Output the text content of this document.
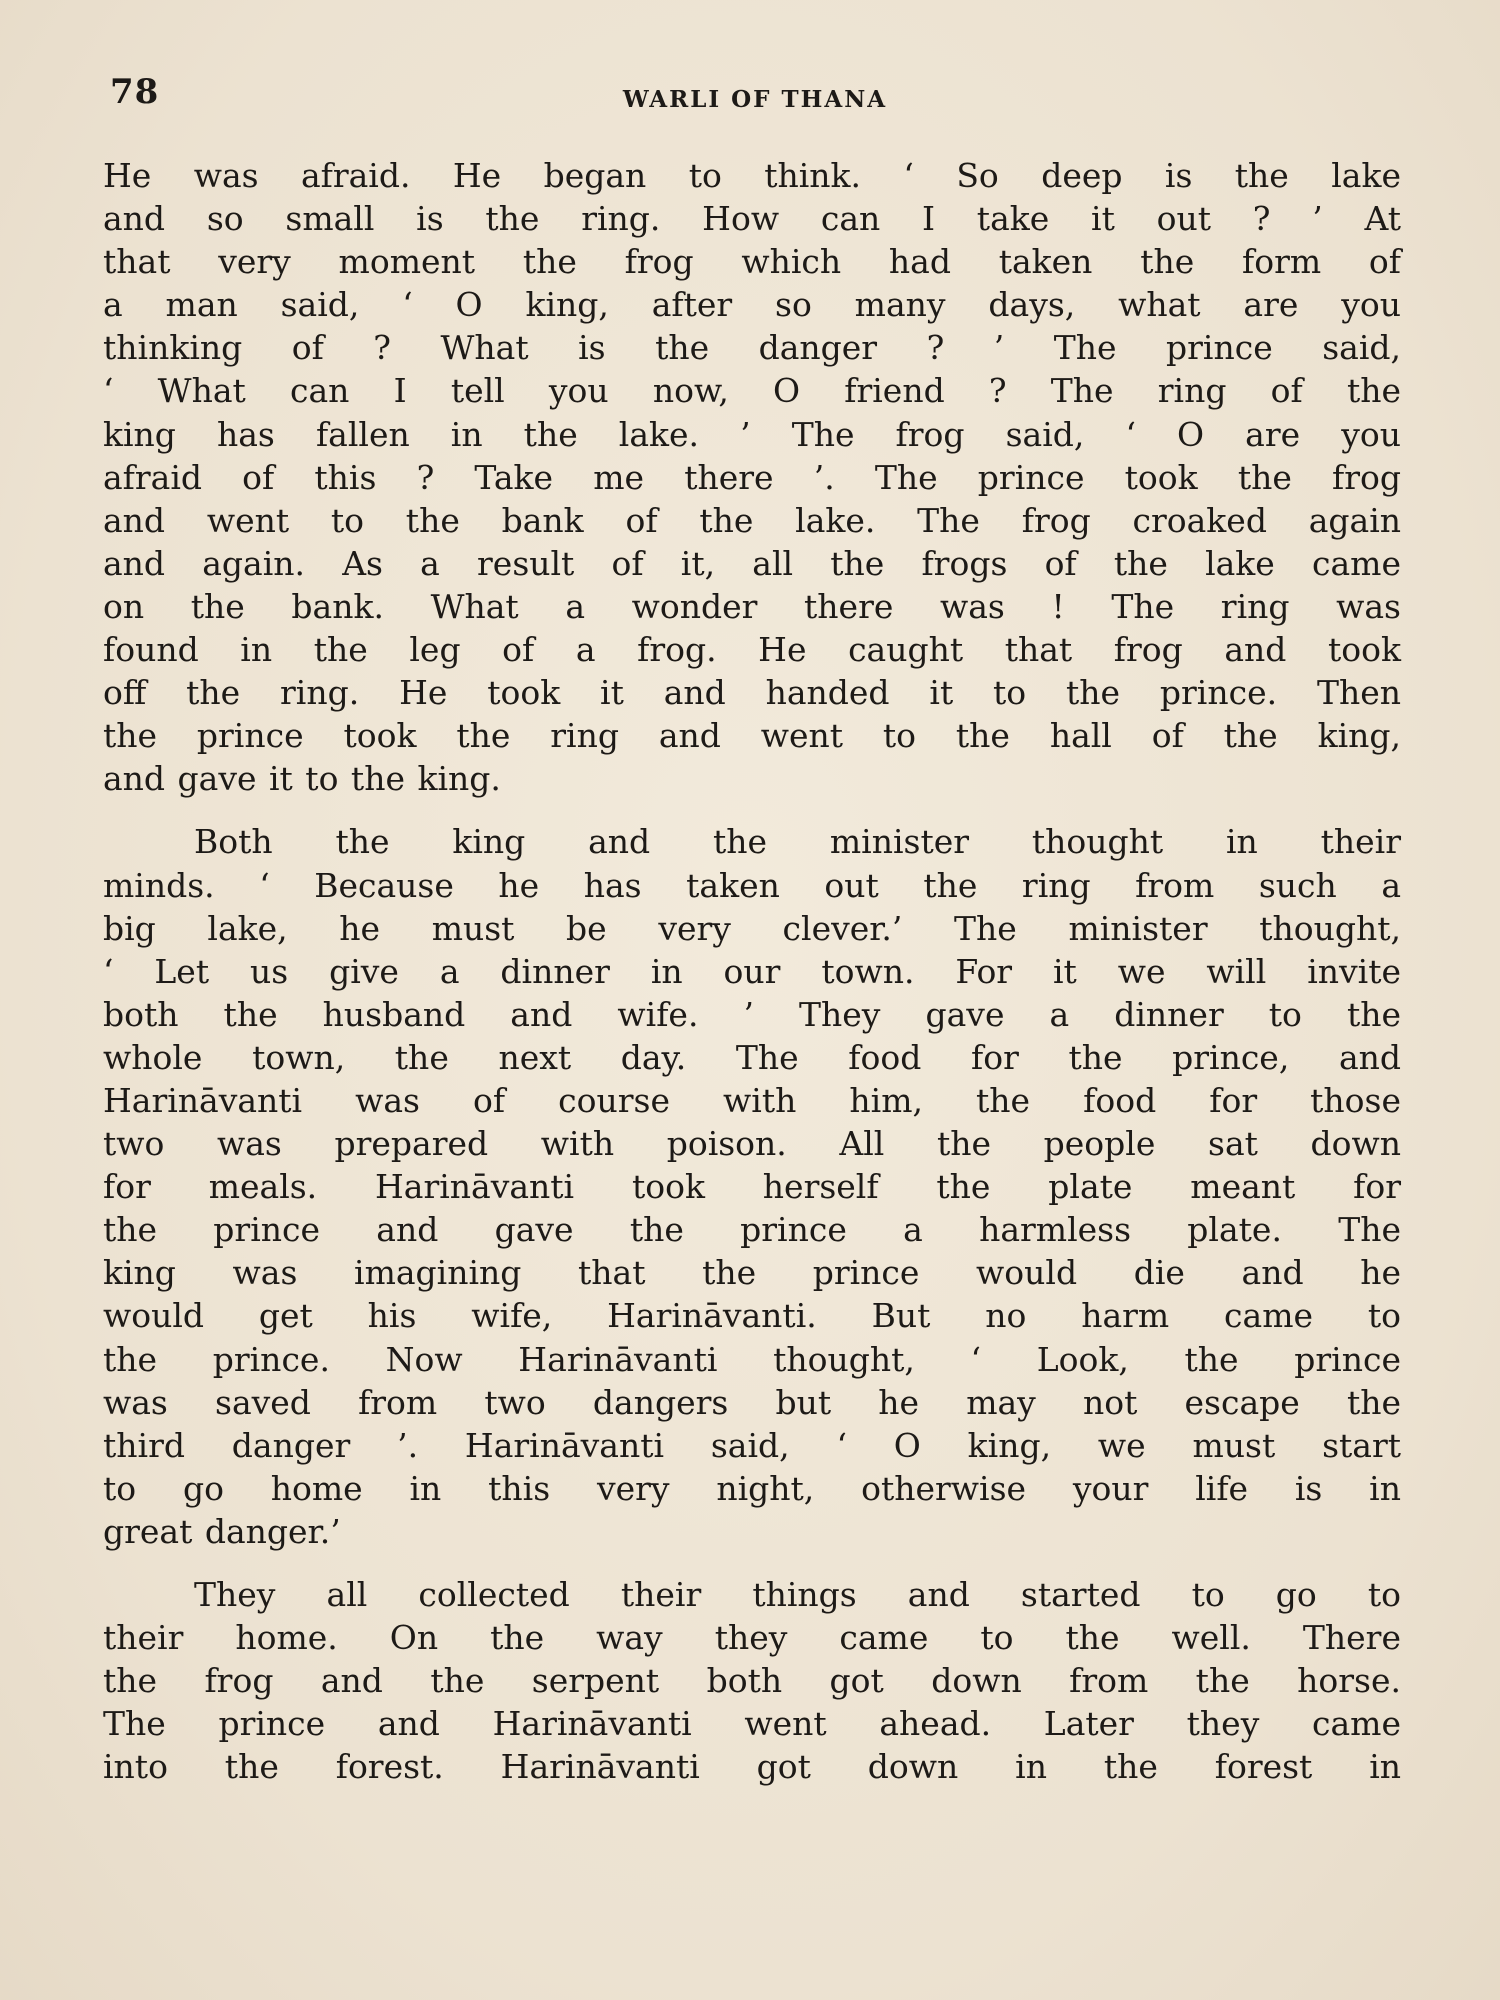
78	WARLI OF THANA

He was afraid. He began to think. ‘ So deep is the lake
and so small is the ring. How can I take it out ? ’ At
that very moment the frog which had taken the form of
a man said, ‘ O king, after so many days, what are you
thinking of ? What is the danger ? ’ The prince said,
‘ What can I tell you now, O friend ? The ring of the
king has fallen in the lake. ’ The frog said, ‘ O are you
afraid of this ? Take me there ’. The prince took the frog
and went to the bank of the lake. The frog croaked again
and again. As a result of it, all the frogs of the lake came
on the bank. What a wonder there was ! The ring was
found in the leg of a frog. He caught that frog and took
off the ring. He took it and handed it to the prince. Then
the prince took the ring and went to the hall of the king,
and gave it to the king.

Both the king and the minister thought in their
minds. ‘ Because he has taken out the ring from such a
big lake, he must be very clever.’ The minister thought,
‘ Let us give a dinner in our town. For it we will invite
both the husband and wife. ’ They gave a dinner to the
whole town, the next day. The food for the prince, and
Harināvanti was of course with him, the food for those
two was prepared with poison. All the people sat down
for meals. Harināvanti took herself the plate meant for
the prince and gave the prince a harmless plate. The
king was imagining that the prince would die and he
would get his wife, Harināvanti. But no harm came to
the prince. Now Harināvanti thought, ‘ Look, the prince
was saved from two dangers but he may not escape the
third danger ’. Harināvanti said, ‘ O king, we must start
to go home in this very night, otherwise your life is in
great danger.’

They all collected their things and started to go to
their home. On the way they came to the well. There
the frog and the serpent both got down from the horse.
The prince and Harināvanti went ahead. Later they came
into the forest. Harināvanti got down in the forest in
